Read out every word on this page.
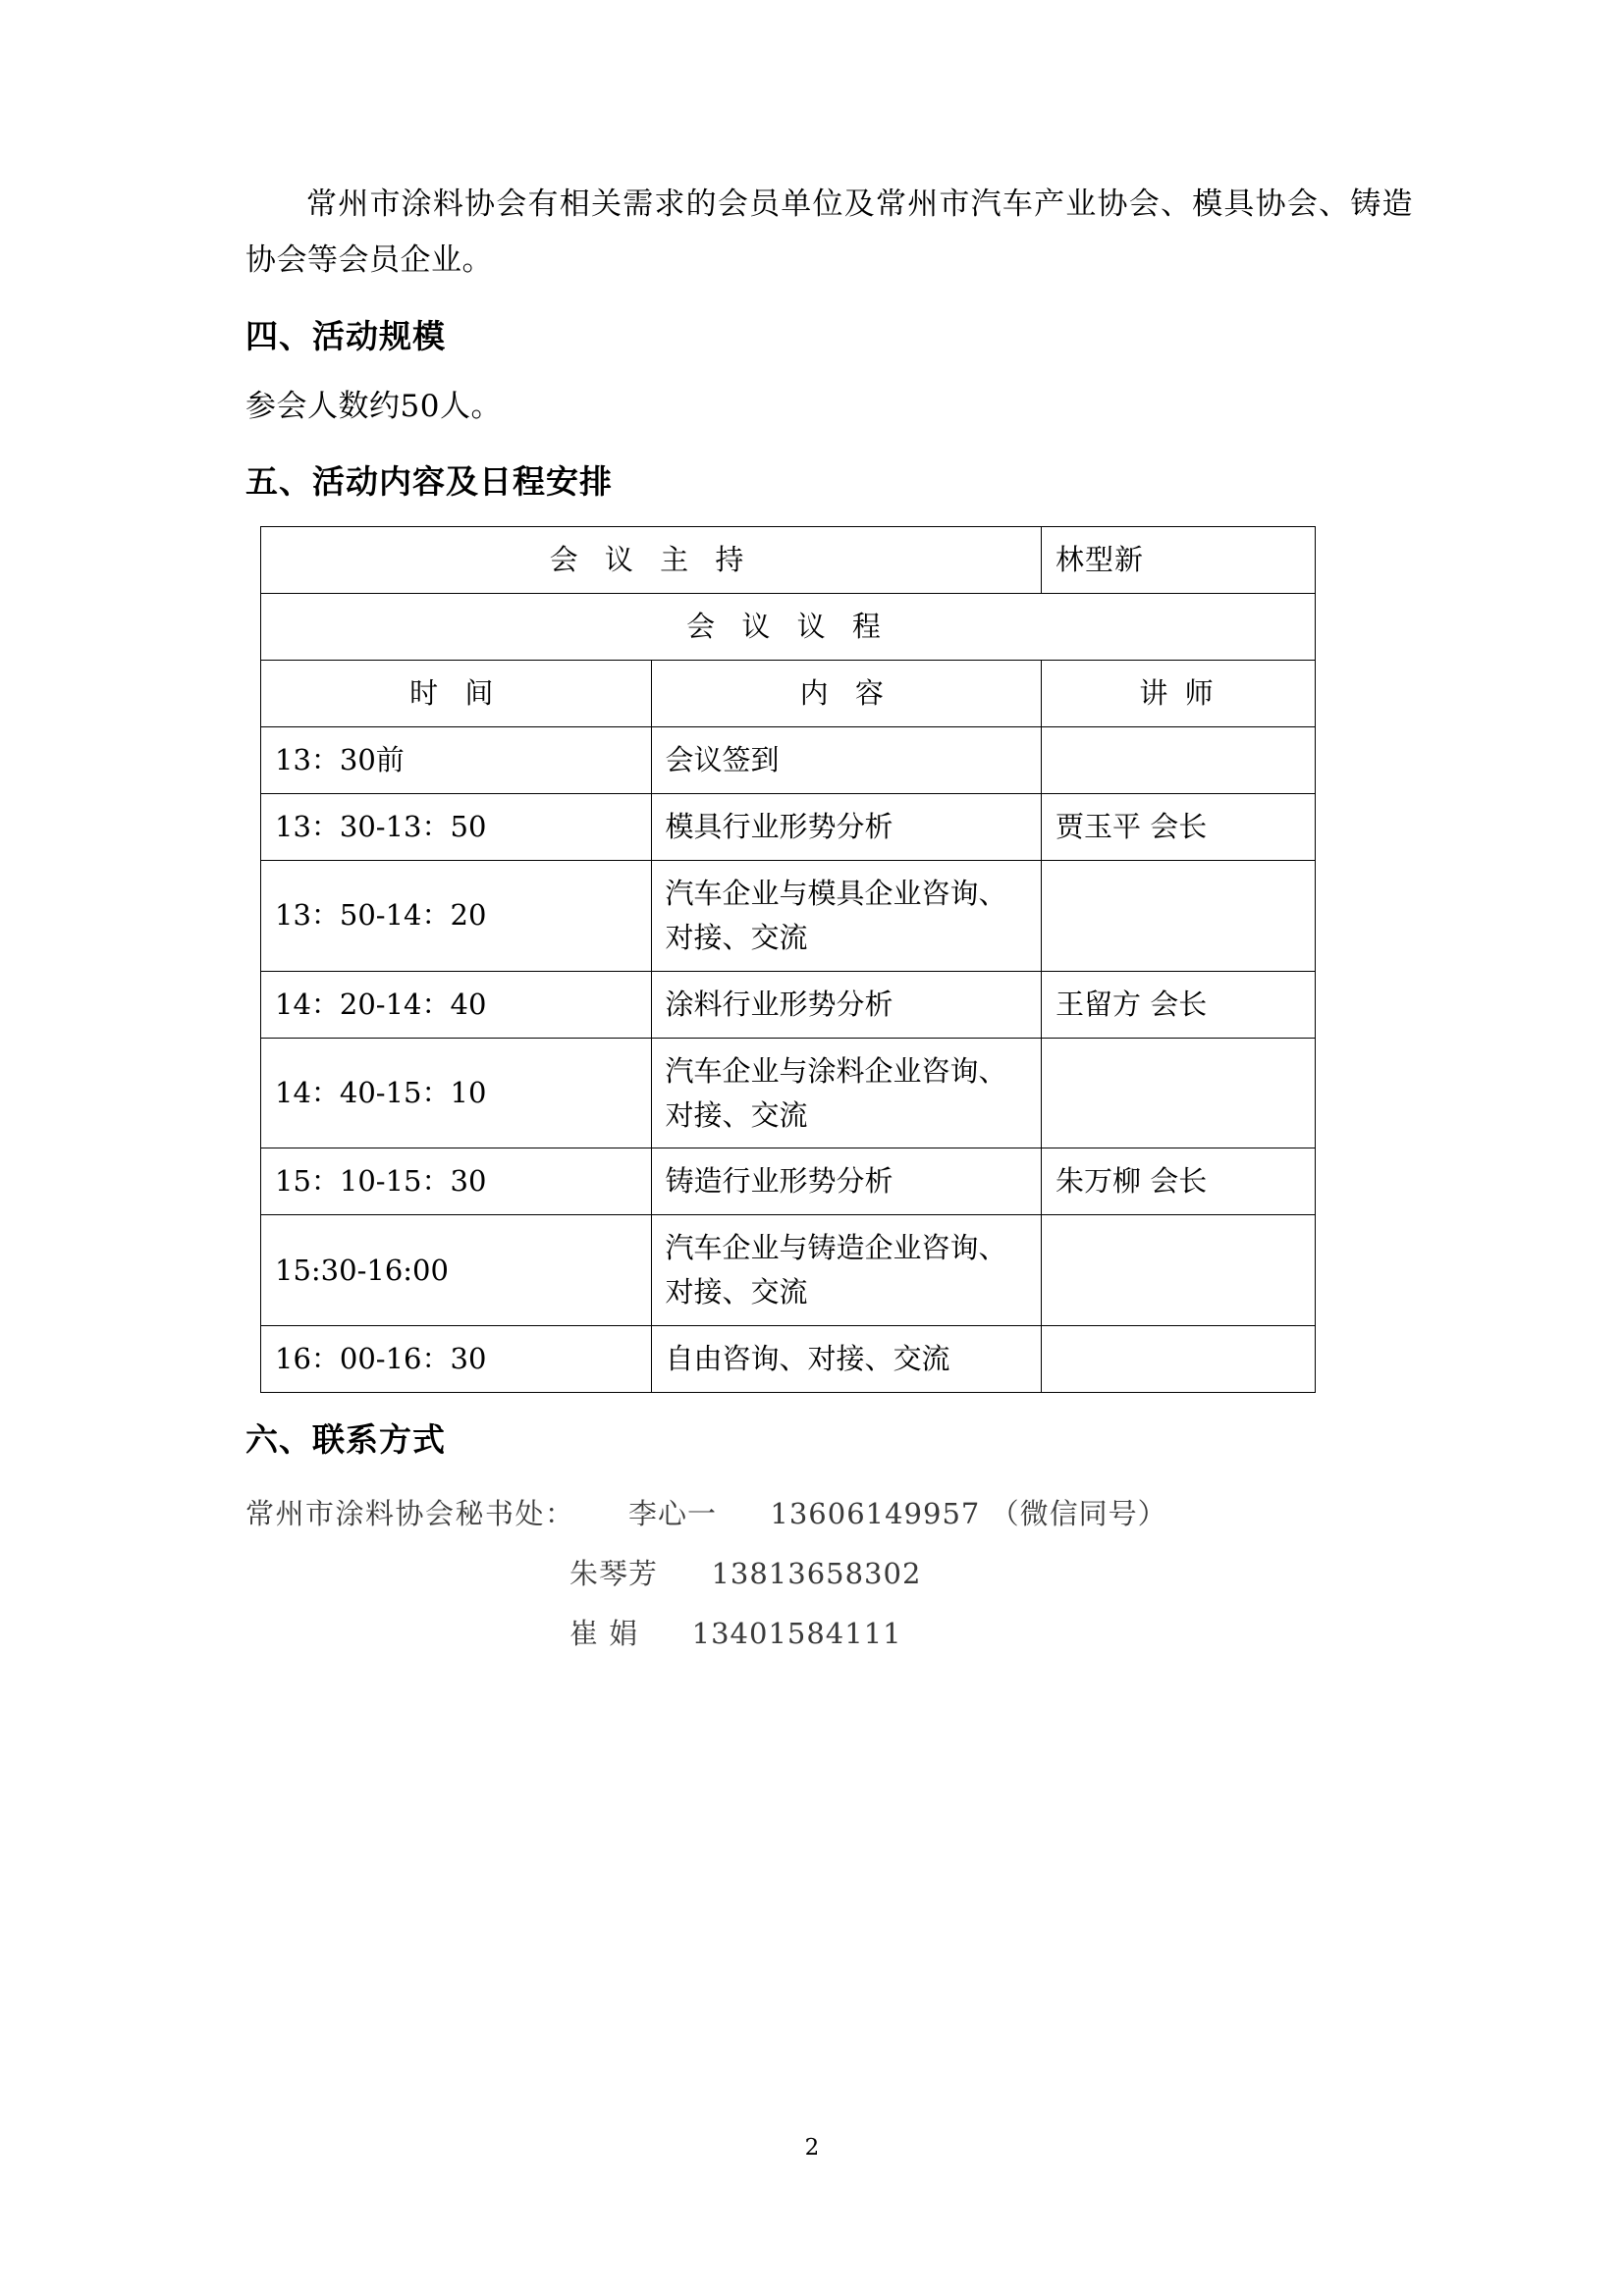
常州市涂料协会有相关需求的会员单位及常州市汽车产业协会、模具协会、铸造协会等会员企业。

四、活动规模

参会人数约50人。

五、活动内容及日程安排
会 议 主 持		林型新
会 议 议 程		
时 间	内 容	讲 师
13：30前	会议签到	
13：30-13：50	模具行业形势分析	贾玉平 会长
13：50-14：20	汽车企业与模具企业咨询、对接、交流	
14：20-14：40	涂料行业形势分析	王留方 会长
14：40-15：10	汽车企业与涂料企业咨询、对接、交流	
15：10-15：30	铸造行业形势分析	朱万柳 会长
15:30-16:00	汽车企业与铸造企业咨询、对接、交流	
16：00-16：30	自由咨询、对接、交流	
六、联系方式
常州市涂料协会秘书处： 李心一 13606149957 （微信同号）
朱琴芳 13813658302
崔 娟 13401584111
2
